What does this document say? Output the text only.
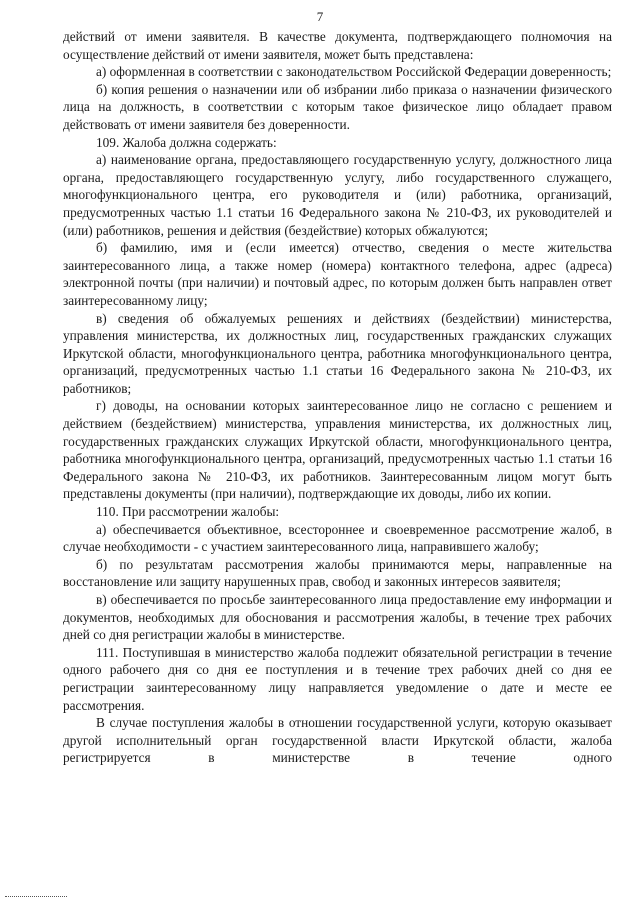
7

действий от имени заявителя. В качестве документа, подтверждающего полномочия на осуществление действий от имени заявителя, может быть представлена:

а) оформленная в соответствии с законодательством Российской Федерации доверенность;

б) копия решения о назначении или об избрании либо приказа о назначении физического лица на должность, в соответствии с которым такое физическое лицо обладает правом действовать от имени заявителя без доверенности.

109. Жалоба должна содержать:

а) наименование органа, предоставляющего государственную услугу, должностного лица органа, предоставляющего государственную услугу, либо государственного служащего, многофункционального центра, его руководителя и (или) работника, организаций, предусмотренных частью 1.1 статьи 16 Федерального закона № 210-ФЗ, их руководителей и (или) работников, решения и действия (бездействие) которых обжалуются;

б) фамилию, имя и (если имеется) отчество, сведения о месте жительства заинтересованного лица, а также номер (номера) контактного телефона, адрес (адреса) электронной почты (при наличии) и почтовый адрес, по которым должен быть направлен ответ заинтересованному лицу;

в) сведения об обжалуемых решениях и действиях (бездействии) министерства, управления министерства, их должностных лиц, государственных гражданских служащих Иркутской области, многофункционального центра, работника многофункционального центра, организаций, предусмотренных частью 1.1 статьи 16 Федерального закона № 210-ФЗ, их работников;

г) доводы, на основании которых заинтересованное лицо не согласно с решением и действием (бездействием) министерства, управления министерства, их должностных лиц, государственных гражданских служащих Иркутской области, многофункционального центра, работника многофункционального центра, организаций, предусмотренных частью 1.1 статьи 16 Федерального закона № 210-ФЗ, их работников. Заинтересованным лицом могут быть представлены документы (при наличии), подтверждающие их доводы, либо их копии.

110. При рассмотрении жалобы:

а) обеспечивается объективное, всестороннее и своевременное рассмотрение жалоб, в случае необходимости - с участием заинтересованного лица, направившего жалобу;

б) по результатам рассмотрения жалобы принимаются меры, направленные на восстановление или защиту нарушенных прав, свобод и законных интересов заявителя;

в) обеспечивается по просьбе заинтересованного лица предоставление ему информации и документов, необходимых для обоснования и рассмотрения жалобы, в течение трех рабочих дней со дня регистрации жалобы в министерстве.

111. Поступившая в министерство жалоба подлежит обязательной регистрации в течение одного рабочего дня со дня ее поступления и в течение трех рабочих дней со дня ее регистрации заинтересованному лицу направляется уведомление о дате и месте ее рассмотрения.

В случае поступления жалобы в отношении государственной услуги, которую оказывает другой исполнительный орган государственной власти Иркутской области, жалоба регистрируется в министерстве в течение одного
